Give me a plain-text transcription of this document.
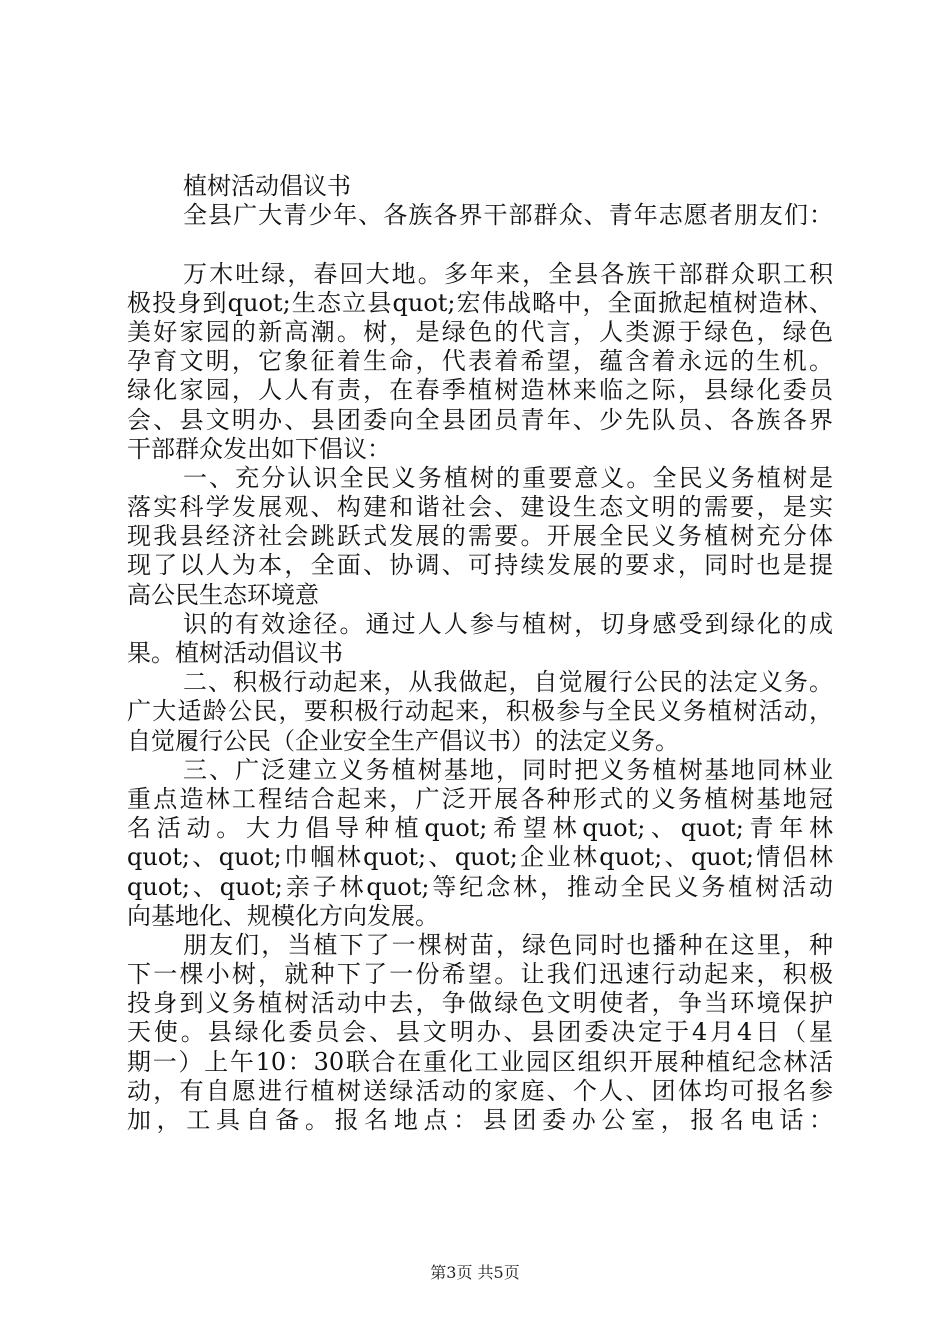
植树活动倡议书
全县广大青少年、各族各界干部群众、青年志愿者朋友们：
万木吐绿，春回大地。多年来，全县各族干部群众职工积
极投身到quot;生态立县quot;宏伟战略中，全面掀起植树造林、
美好家园的新高潮。树，是绿色的代言，人类源于绿色，绿色
孕育文明，它象征着生命，代表着希望，蕴含着永远的生机。
绿化家园，人人有责，在春季植树造林来临之际，县绿化委员
会、县文明办、县团委向全县团员青年、少先队员、各族各界
干部群众发出如下倡议：
一、充分认识全民义务植树的重要意义。全民义务植树是
落实科学发展观、构建和谐社会、建设生态文明的需要，是实
现我县经济社会跳跃式发展的需要。开展全民义务植树充分体
现了以人为本，全面、协调、可持续发展的要求，同时也是提
高公民生态环境意
识的有效途径。通过人人参与植树，切身感受到绿化的成
果。植树活动倡议书
二、积极行动起来，从我做起，自觉履行公民的法定义务。
广大适龄公民，要积极行动起来，积极参与全民义务植树活动，
自觉履行公民（企业安全生产倡议书）的法定义务。
三、广泛建立义务植树基地，同时把义务植树基地同林业
重点造林工程结合起来，广泛开展各种形式的义务植树基地冠
名活动。大力倡导种植quot;希望林quot;、quot;青年林
quot;、quot;巾帼林quot;、quot;企业林quot;、quot;情侣林
quot;、quot;亲子林quot;等纪念林，推动全民义务植树活动
向基地化、规模化方向发展。
朋友们，当植下了一棵树苗，绿色同时也播种在这里，种
下一棵小树，就种下了一份希望。让我们迅速行动起来，积极
投身到义务植树活动中去，争做绿色文明使者，争当环境保护
天使。县绿化委员会、县文明办、县团委决定于4月4日（星
期一）上午10：30联合在重化工业园区组织开展种植纪念林活
动，有自愿进行植树送绿活动的家庭、个人、团体均可报名参
加，工具自备。报名地点：县团委办公室，报名电话：
第3页 共5页
